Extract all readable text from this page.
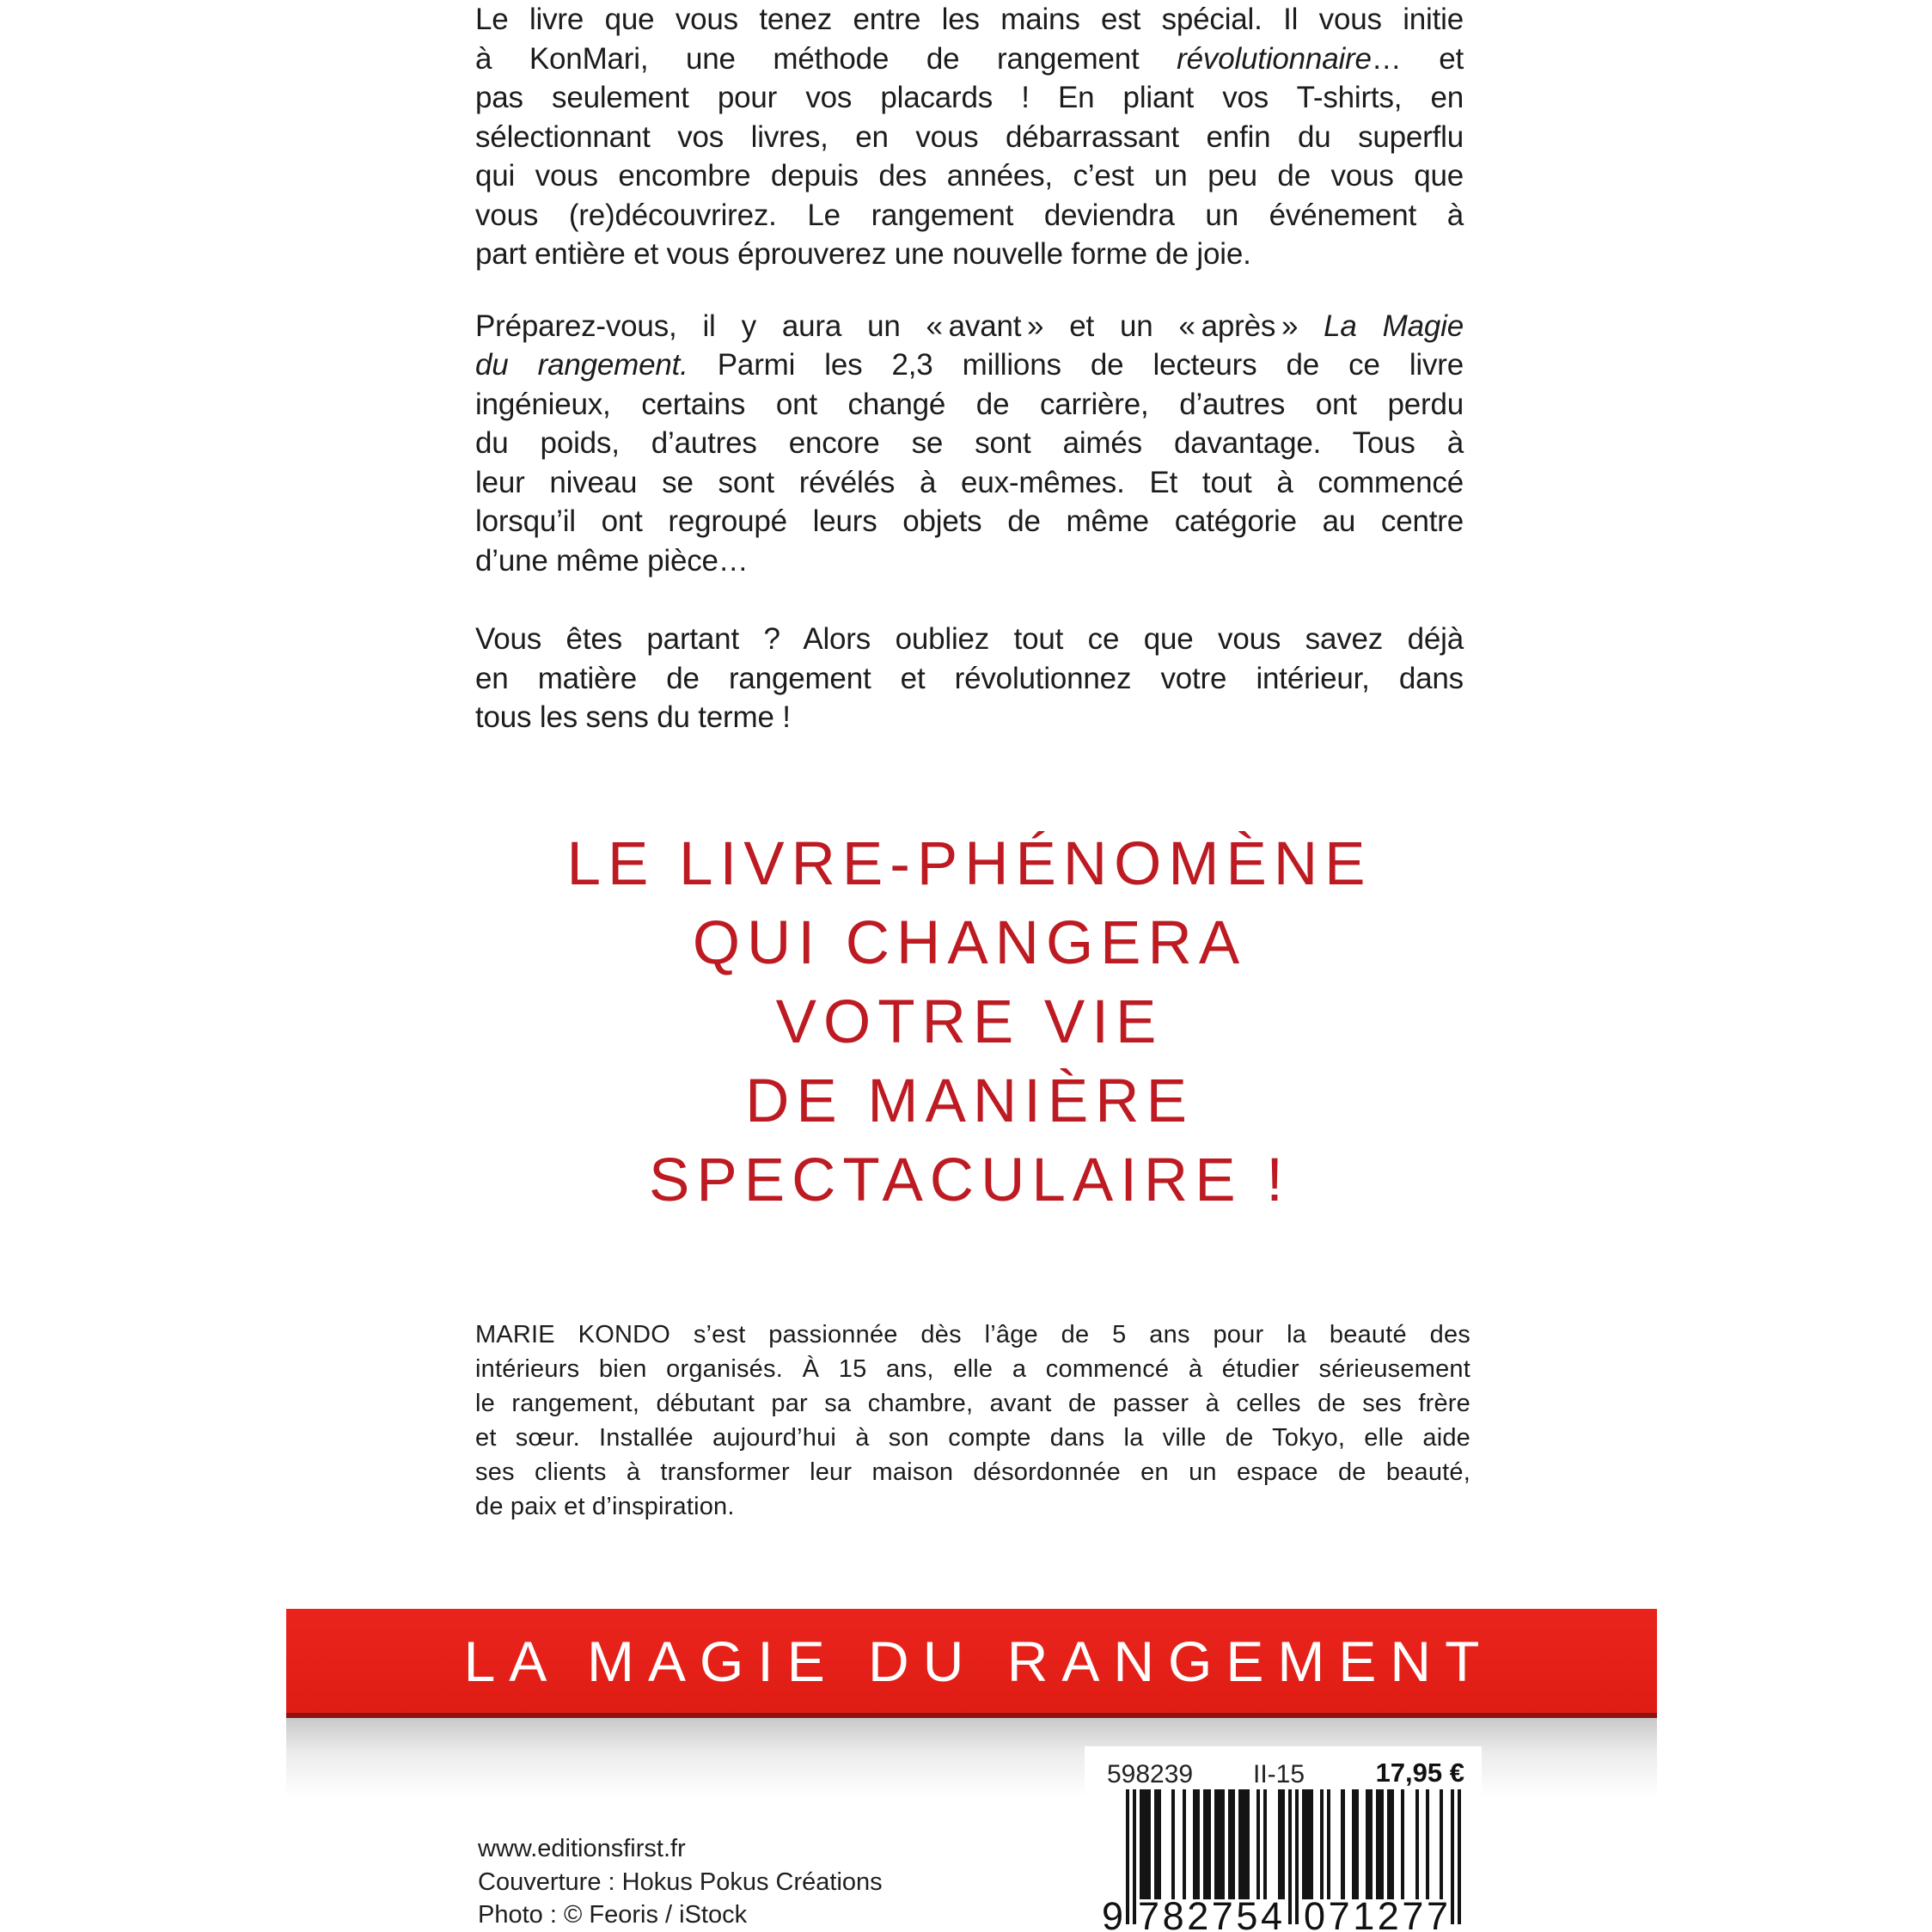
Le livre que vous tenez entre les mains est spécial. Il vous initie
à KonMari, une méthode de rangement révolutionnaire… et
pas seulement pour vos placards ! En pliant vos T-shirts, en
sélectionnant vos livres, en vous débarrassant enfin du superflu
qui vous encombre depuis des années, c’est un peu de vous que
vous (re)découvrirez. Le rangement deviendra un événement à
part entière et vous éprouverez une nouvelle forme de joie.
Préparez-vous, il y aura un « avant » et un « après » La Magie
du rangement. Parmi les 2,3 millions de lecteurs de ce livre
ingénieux, certains ont changé de carrière, d’autres ont perdu
du poids, d’autres encore se sont aimés davantage. Tous à
leur niveau se sont révélés à eux-mêmes. Et tout à commencé
lorsqu’il ont regroupé leurs objets de même catégorie au centre
d’une même pièce…
Vous êtes partant ? Alors oubliez tout ce que vous savez déjà
en matière de rangement et révolutionnez votre intérieur, dans
tous les sens du terme !
LE LIVRE-PHÉNOMÈNE
QUI CHANGERA
VOTRE VIE
DE MANIÈRE
SPECTACULAIRE !
MARIE KONDO s’est passionnée dès l’âge de 5 ans pour la beauté des
intérieurs bien organisés. À 15 ans, elle a commencé à étudier sérieusement
le rangement, débutant par sa chambre, avant de passer à celles de ses frère
et sœur. Installée aujourd’hui à son compte dans la ville de Tokyo, elle aide
ses clients à transformer leur maison désordonnée en un espace de beauté,
de paix et d’inspiration.
LA MAGIE DU RANGEMENT
www.editionsfirst.fr
Couverture : Hokus Pokus Créations
Photo : © Feoris / iStock
598239 II-15	17,95 €
9 7 8 2 7 5 4 0 7 1 2 7 7
